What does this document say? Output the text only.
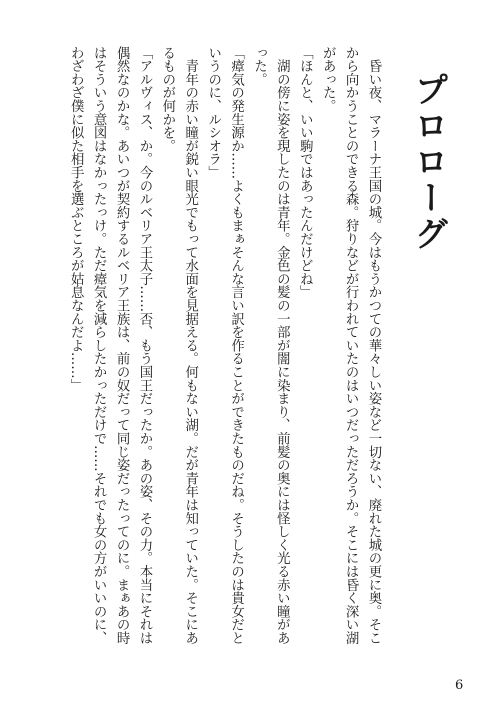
プロローグ
　昏い夜、マラーナ王国の城。今はもうかつての華々しい姿など一切ない、廃れた城の更に奥。そこから向かうことのできる森。狩りなどが行われていたのはいつだっただろうか。そこには昏く深い湖があった。
「ほんと、いい駒ではあったんだけどね」
　湖の傍に姿を現したのは青年。金色の髪の一部が闇に染まり、前髪の奥には怪しく光る赤い瞳があった。
「瘴気の発生源か……よくもまぁそんな言い訳を作ることができたものだね。そうしたのは貴女だというのに、ルシオラ」
　青年の赤い瞳が鋭い眼光でもって水面を見据える。何もない湖。だが青年は知っていた。そこにあるものが何かを。
「アルヴィス、か。今のルベリア王太子……否、もう国王だったか。あの姿、その力。本当にそれは偶然なのかな。あいつが契約するルベリア王族は、前の奴だって同じ姿だったってのに。まぁあの時はそういう意図はなかったっけ。ただ瘴気を減らしたかっただけで……それでも女の方がいいのに、わざわざ僕に似た相手を選ぶところが姑息なんだよ……」
6
